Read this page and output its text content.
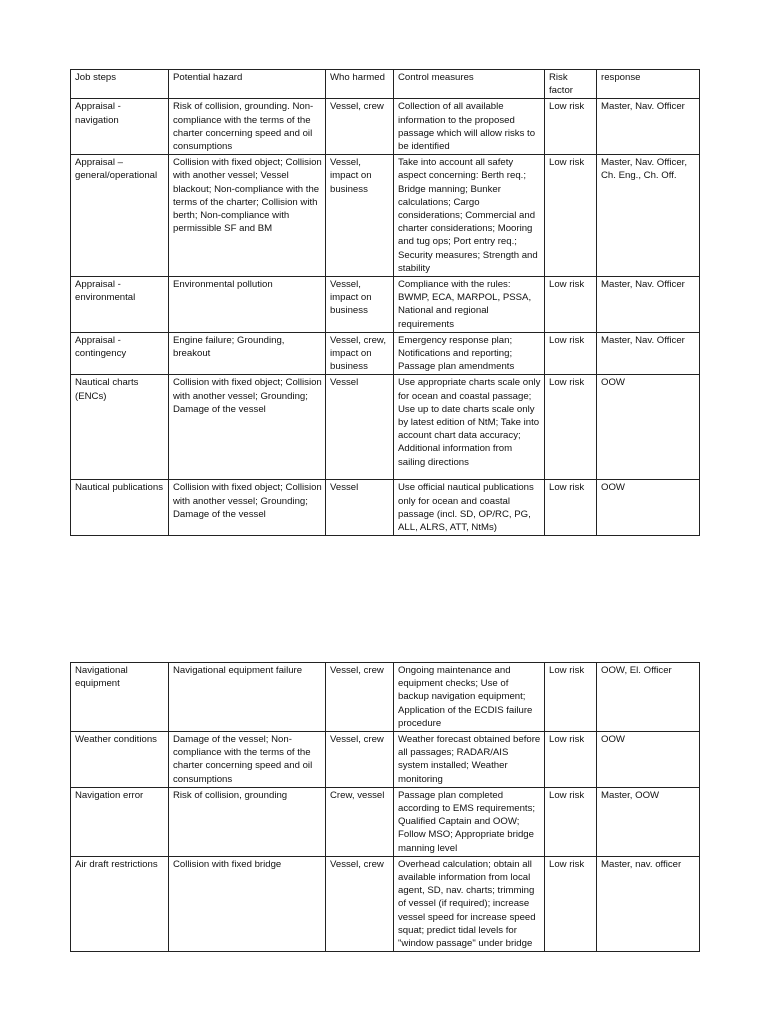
Job steps	Potential hazard	Who harmed	Control measures	Risk factor	response
Appraisal - navigation	Risk of collision, grounding. Non-compliance with the terms of the charter concerning speed and oil consumptions	Vessel, crew	Collection of all available information to the proposed passage which will allow risks to be identified	Low risk	Master, Nav. Officer
Appraisal – general/operational	Collision with fixed object; Collision with another vessel; Vessel blackout; Non-compliance with the terms of the charter; Collision with berth; Non-compliance with permissible SF and BM	Vessel, impact on business	Take into account all safety aspect concerning: Berth req.; Bridge manning; Bunker calculations; Cargo considerations; Commercial and charter considerations; Mooring and tug ops; Port entry req.; Security measures; Strength and stability	Low risk	Master, Nav. Officer, Ch. Eng., Ch. Off.
Appraisal - environmental	Environmental pollution	Vessel, impact on business	Compliance with the rules: BWMP, ECA, MARPOL, PSSA, National and regional requirements	Low risk	Master, Nav. Officer
Appraisal - contingency	Engine failure; Grounding, breakout	Vessel, crew, impact on business	Emergency response plan; Notifications and reporting; Passage plan amendments	Low risk	Master, Nav. Officer
Nautical charts (ENCs)	Collision with fixed object; Collision with another vessel; Grounding; Damage of the vessel	Vessel	Use appropriate charts scale only for ocean and coastal passage; Use up to date charts scale only by latest edition of NtM; Take into account chart data accuracy; Additional information from sailing directions	Low risk	OOW
Nautical publications	Collision with fixed object; Collision with another vessel; Grounding; Damage of the vessel	Vessel	Use official nautical publications only for ocean and coastal passage (incl. SD, OP/RC, PG, ALL, ALRS, ATT, NtMs)	Low risk	OOW
Navigational equipment	Navigational equipment failure	Vessel, crew	Ongoing maintenance and equipment checks; Use of backup navigation equipment; Application of the ECDIS failure procedure	Low risk	OOW, El. Officer
Weather conditions	Damage of the vessel; Non-compliance with the terms of the charter concerning speed and oil consumptions	Vessel, crew	Weather forecast obtained before all passages; RADAR/AIS system installed; Weather monitoring	Low risk	OOW
Navigation error	Risk of collision, grounding	Crew, vessel	Passage plan completed according to EMS requirements; Qualified Captain and OOW; Follow MSO; Appropriate bridge manning level	Low risk	Master, OOW
Air draft restrictions	Collision with fixed bridge	Vessel, crew	Overhead calculation; obtain all available information from local agent, SD, nav. charts; trimming of vessel (if required); increase vessel speed for increase speed squat; predict tidal levels for "window passage" under bridge	Low risk	Master, nav. officer
